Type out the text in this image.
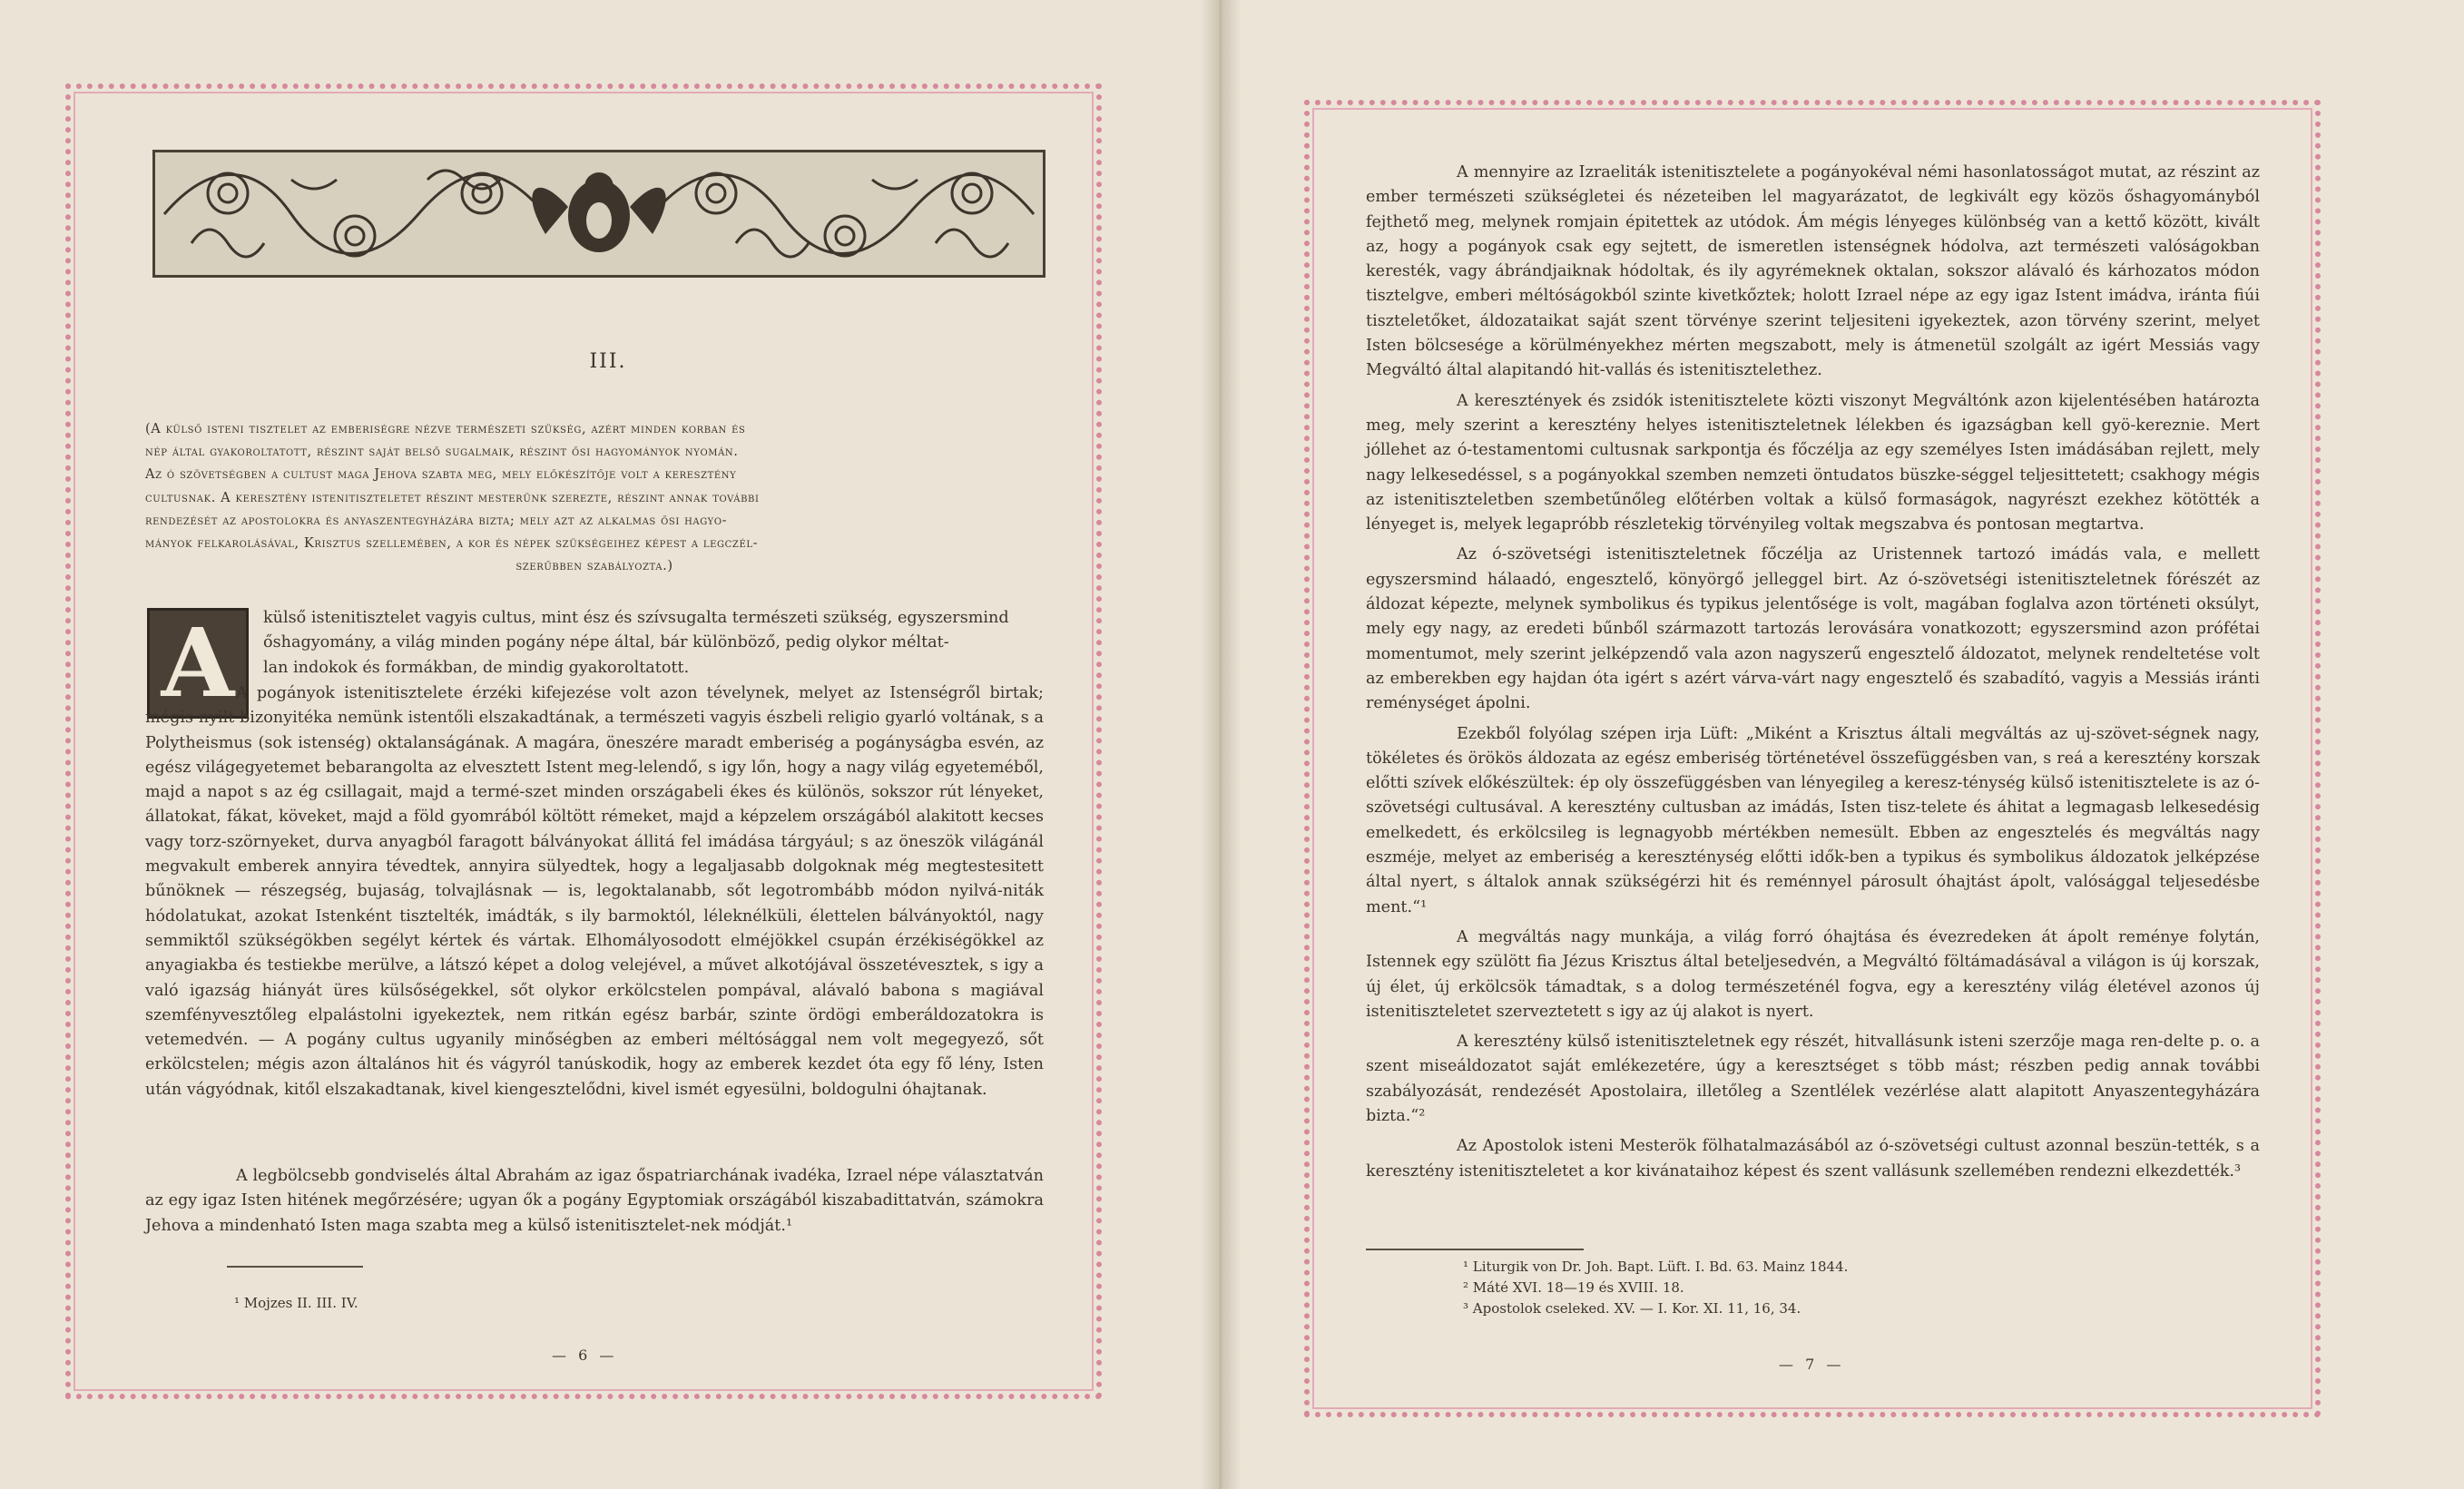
III.
(A külső isteni tisztelet az emberiségre nézve természeti szükség, azért minden korban és
nép által gyakoroltatott, részint saját belső sugalmaik, részint ősi hagyományok nyomán.
Az ó szövetségben a cultust maga Jehova szabta meg, mely előkészítője volt a keresztény
cultusnak. A keresztény istenitiszteletet részint mesterünk szerezte, részint annak további
rendezését az apostolokra és anyaszentegyházára bizta; mely azt az alkalmas ősi hagyo-
mányok felkarolásával, Krisztus szellemében, a kor és népek szükségeihez képest a legczél-
szerűbben szabályozta.)
A	külső istenitisztelet vagyis cultus, mint ész és szívsugalta természeti szükség, egyszersmind
őshagyomány, a világ minden pogány népe által, bár különböző, pedig olykor méltat-
lan indokok és formákban, de mindig gyakoroltatott.

A pogányok istenitisztelete érzéki kifejezése volt azon tévelynek, melyet az Istenségről birtak; mégis nyilt bizonyitéka nemünk istentőli elszakadtának, a természeti vagyis észbeli religio gyarló voltának, s a Polytheismus (sok istenség) oktalanságának. A magára, öneszére maradt emberiség a pogányságba esvén, az egész világegyetemet bebarangolta az elvesztett Istent meg-lelendő, s igy lőn, hogy a nagy világ egyeteméből, majd a napot s az ég csillagait, majd a termé-szet minden országabeli ékes és különös, sokszor rút lényeket, állatokat, fákat, köveket, majd a föld gyomrából költött rémeket, majd a képzelem országából alakitott kecses vagy torz-szörnyeket, durva anyagból faragott bálványokat állitá fel imádása tárgyául; s az öneszök világánál megvakult emberek annyira tévedtek, annyira sülyedtek, hogy a legaljasabb dolgoknak még megtestesitett bűnöknek — részegség, bujaság, tolvajlásnak — is, legoktalanabb, sőt legotrombább módon nyilvá-niták hódolatukat, azokat Istenként tisztelték, imádták, s ily barmoktól, léleknélküli, élettelen bálványoktól, nagy semmiktől szükségökben segélyt kértek és vártak. Elhomályosodott elméjökkel csupán érzékiségökkel az anyagiakba és testiekbe merülve, a látszó képet a dolog velejével, a művet alkotójával összetévesztek, s igy a való igazság hiányát üres külsőségekkel, sőt olykor erkölcstelen pompával, alávaló babona s magiával szemfényvesztőleg elpalástolni igyekeztek, nem ritkán egész barbár, szinte ördögi emberáldozatokra is vetemedvén. — A pogány cultus ugyanily minőségben az emberi méltósággal nem volt megegyező, sőt erkölcstelen; mégis azon általános hit és vágyról tanúskodik, hogy az emberek kezdet óta egy fő lény, Isten után vágyódnak, kitől elszakadtanak, kivel kiengesztelődni, kivel ismét egyesülni, boldogulni óhajtanak.

A legbölcsebb gondviselés által Abrahám az igaz őspatriarchának ivadéka, Izrael népe választatván az egy igaz Isten hitének megőrzésére; ugyan ők a pogány Egyptomiak országából kiszabadittatván, számokra Jehova a mindenható Isten maga szabta meg a külső istenitisztelet-nek módját.¹

¹ Mojzes II. III. IV.
— 6 —

A mennyire az Izraeliták istenitisztelete a pogányokéval némi hasonlatosságot mutat, az részint az ember természeti szükségletei és nézeteiben lel magyarázatot, de legkivált egy közös őshagyományból fejthető meg, melynek romjain épitettek az utódok. Ám mégis lényeges különbség van a kettő között, kivált az, hogy a pogányok csak egy sejtett, de ismeretlen istenségnek hódolva, azt természeti valóságokban keresték, vagy ábrándjaiknak hódoltak, és ily agyrémeknek oktalan, sokszor alávaló és kárhozatos módon tisztelgve, emberi méltóságokból szinte kivetkőztek; holott Izrael népe az egy igaz Istent imádva, iránta fiúi tiszteletőket, áldozataikat saját szent törvénye szerint teljesiteni igyekeztek, azon törvény szerint, melyet Isten bölcsesége a körülményekhez mérten megszabott, mely is átmenetül szolgált az igért Messiás vagy Megváltó által alapitandó hit-vallás és istenitisztelethez.

A keresztények és zsidók istenitisztelete közti viszonyt Megváltónk azon kijelentésében határozta meg, mely szerint a keresztény helyes istenitiszteletnek lélekben és igazságban kell gyö-kereznie. Mert jóllehet az ó-testamentomi cultusnak sarkpontja és főczélja az egy személyes Isten imádásában rejlett, mely nagy lelkesedéssel, s a pogányokkal szemben nemzeti öntudatos büszke-séggel teljesittetett; csakhogy mégis az istenitiszteletben szembetűnőleg előtérben voltak a külső formaságok, nagyrészt ezekhez kötötték a lényeget is, melyek legapróbb részletekig törvényileg voltak megszabva és pontosan megtartva.

Az ó-szövetségi istenitiszteletnek főczélja az Uristennek tartozó imádás vala, e mellett egyszersmind hálaadó, engesztelő, könyörgő jelleggel birt. Az ó-szövetségi istenitiszteletnek fórészét az áldozat képezte, melynek symbolikus és typikus jelentősége is volt, magában foglalva azon történeti oksúlyt, mely egy nagy, az eredeti bűnből származott tartozás lerovására vonatkozott; egyszersmind azon prófétai momentumot, mely szerint jelképzendő vala azon nagyszerű engesztelő áldozatot, melynek rendeltetése volt az emberekben egy hajdan óta igért s azért várva-várt nagy engesztelő és szabadító, vagyis a Messiás iránti reménységet ápolni.

Ezekből folyólag szépen irja Lüft: „Miként a Krisztus általi megváltás az uj-szövet-ségnek nagy, tökéletes és örökös áldozata az egész emberiség történetével összefüggésben van, s reá a keresztény korszak előtti szívek előkészültek: ép oly összefüggésben van lényegileg a keresz-ténység külső istenitisztelete is az ó-szövetségi cultusával. A keresztény cultusban az imádás, Isten tisz-telete és áhitat a legmagasb lelkesedésig emelkedett, és erkölcsileg is legnagyobb mértékben nemesült. Ebben az engesztelés és megváltás nagy eszméje, melyet az emberiség a kereszténység előtti idők-ben a typikus és symbolikus áldozatok jelképzése által nyert, s általok annak szükségérzi hit és reménnyel párosult óhajtást ápolt, valósággal teljesedésbe ment.“¹

A megváltás nagy munkája, a világ forró óhajtása és évezredeken át ápolt reménye folytán, Istennek egy szülött fia Jézus Krisztus által beteljesedvén, a Megváltó föltámadásával a világon is új korszak, új élet, új erkölcsök támadtak, s a dolog természeténél fogva, egy a keresztény világ életével azonos új istenitiszteletet szerveztetett s igy az új alakot is nyert.

A keresztény külső istenitiszteletnek egy részét, hitvallásunk isteni szerzője maga ren-delte p. o. a szent miseáldozatot saját emlékezetére, úgy a keresztséget s több mást; részben pedig annak további szabályozását, rendezését Apostolaira, illetőleg a Szentlélek vezérlése alatt alapitott Anyaszentegyházára bizta.“²

Az Apostolok isteni Mesterök fölhatalmazásából az ó-szövetségi cultust azonnal beszün-tették, s a keresztény istenitiszteletet a kor kivánataihoz képest és szent vallásunk szellemében rendezni elkezdették.³

¹ Liturgik von Dr. Joh. Bapt. Lüft. I. Bd. 63. Mainz 1844.
² Máté XVI. 18—19 és XVIII. 18.
³ Apostolok cseleked. XV. — I. Kor. XI. 11, 16, 34.
— 7 —
